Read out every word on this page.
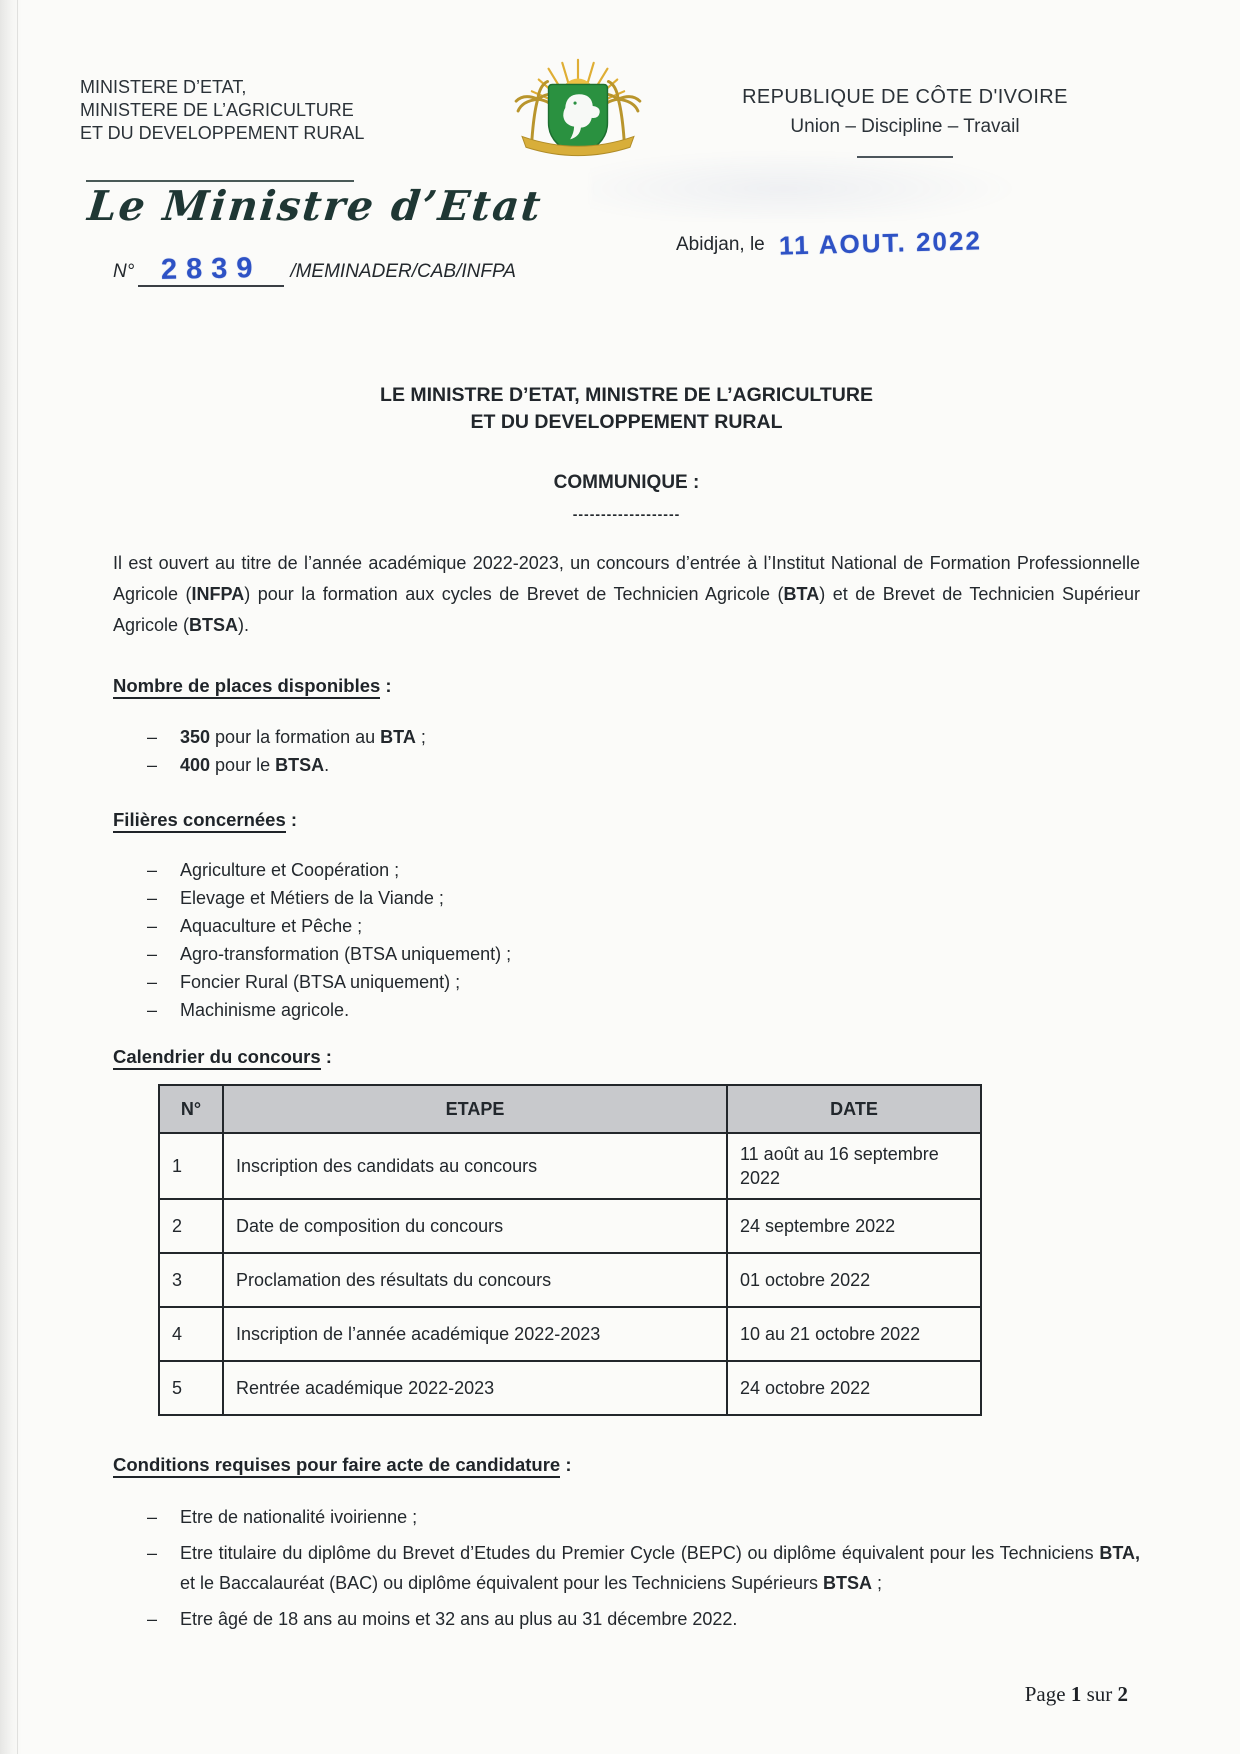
MINISTERE D’ETAT,
MINISTERE DE L’AGRICULTURE
ET DU DEVELOPPEMENT RURAL
REPUBLIQUE DE CÔTE D'IVOIRE
Union – Discipline – Travail
Le Ministre d’Etat
Abidjan, le 11 AOUT. 2022
N° 2839 /MEMINADER/CAB/INFPA
LE MINISTRE D’ETAT, MINISTRE DE L’AGRICULTURE
ET DU DEVELOPPEMENT RURAL
COMMUNIQUE :
-------------------
Il est ouvert au titre de l’année académique 2022-2023, un concours d’entrée à l’Institut National de Formation Professionnelle Agricole (INFPA) pour la formation aux cycles de Brevet de Technicien Agricole (BTA) et de Brevet de Technicien Supérieur Agricole (BTSA).
Nombre de places disponibles :
–	350 pour la formation au BTA ;
–	400 pour le BTSA.
Filières concernées :
–	Agriculture et Coopération ;
–	Elevage et Métiers de la Viande ;
–	Aquaculture et Pêche ;
–	Agro-transformation (BTSA uniquement) ;
–	Foncier Rural (BTSA uniquement) ;
–	Machinisme agricole.
Calendrier du concours :
N°	ETAPE	DATE
1	Inscription des candidats au concours	11 août au 16 septembre 2022
2	Date de composition du concours	24 septembre 2022
3	Proclamation des résultats du concours	01 octobre 2022
4	Inscription de l’année académique 2022-2023	10 au 21 octobre 2022
5	Rentrée académique 2022-2023	24 octobre 2022
Conditions requises pour faire acte de candidature :
–	Etre de nationalité ivoirienne ;
–	Etre titulaire du diplôme du Brevet d’Etudes du Premier Cycle (BEPC) ou diplôme équivalent pour les Techniciens BTA, et le Baccalauréat (BAC) ou diplôme équivalent pour les Techniciens Supérieurs BTSA ;
–	Etre âgé de 18 ans au moins et 32 ans au plus au 31 décembre 2022.
Page 1 sur 2
